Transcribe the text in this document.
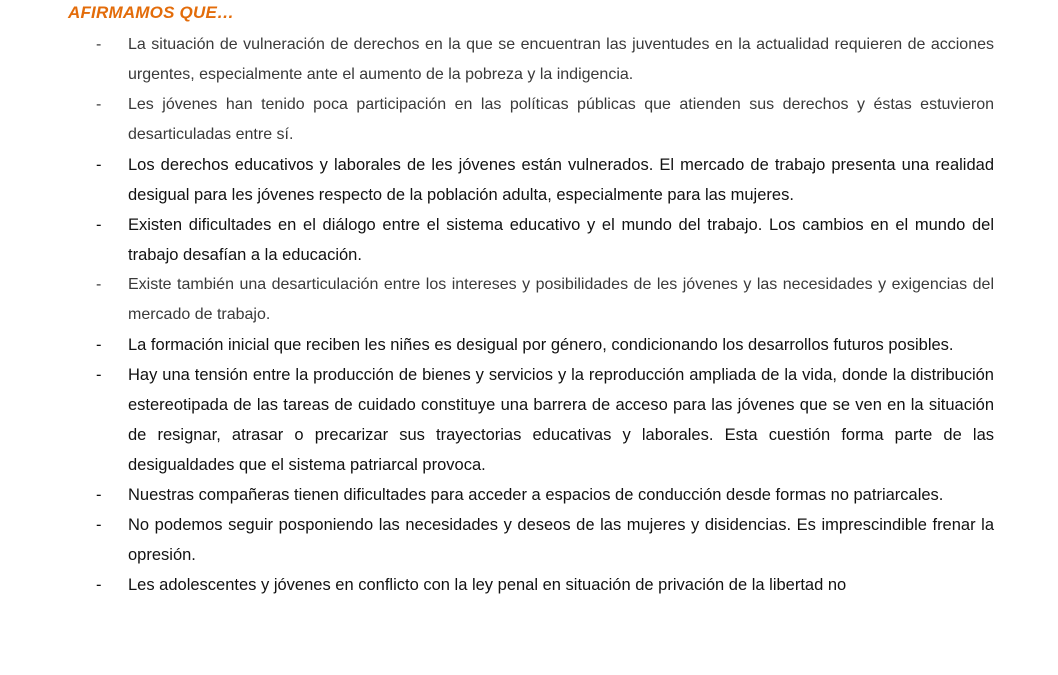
AFIRMAMOS QUE…
- La situación de vulneración de derechos en la que se encuentran las juventudes en la actualidad requieren de acciones urgentes, especialmente ante el aumento de la pobreza y la indigencia.
- Les jóvenes han tenido poca participación en las políticas públicas que atienden sus derechos y éstas estuvieron desarticuladas entre sí.
- Los derechos educativos y laborales de les jóvenes están vulnerados. El mercado de trabajo presenta una realidad desigual para les jóvenes respecto de la población adulta, especialmente para las mujeres.
- Existen dificultades en el diálogo entre el sistema educativo y el mundo del trabajo. Los cambios en el mundo del trabajo desafían a la educación.
- Existe también una desarticulación entre los intereses y posibilidades de les jóvenes y las necesidades y exigencias del mercado de trabajo.
- La formación inicial que reciben les niñes es desigual por género, condicionando los desarrollos futuros posibles.
- Hay una tensión entre la producción de bienes y servicios y la reproducción ampliada de la vida, donde la distribución estereotipada de las tareas de cuidado constituye una barrera de acceso para las jóvenes que se ven en la situación de resignar, atrasar o precarizar sus trayectorias educativas y laborales. Esta cuestión forma parte de las desigualdades que el sistema patriarcal provoca.
- Nuestras compañeras tienen dificultades para acceder a espacios de conducción desde formas no patriarcales.
- No podemos seguir posponiendo las necesidades y deseos de las mujeres y disidencias. Es imprescindible frenar la opresión.
- Les adolescentes y jóvenes en conflicto con la ley penal en situación de privación de la libertad no
